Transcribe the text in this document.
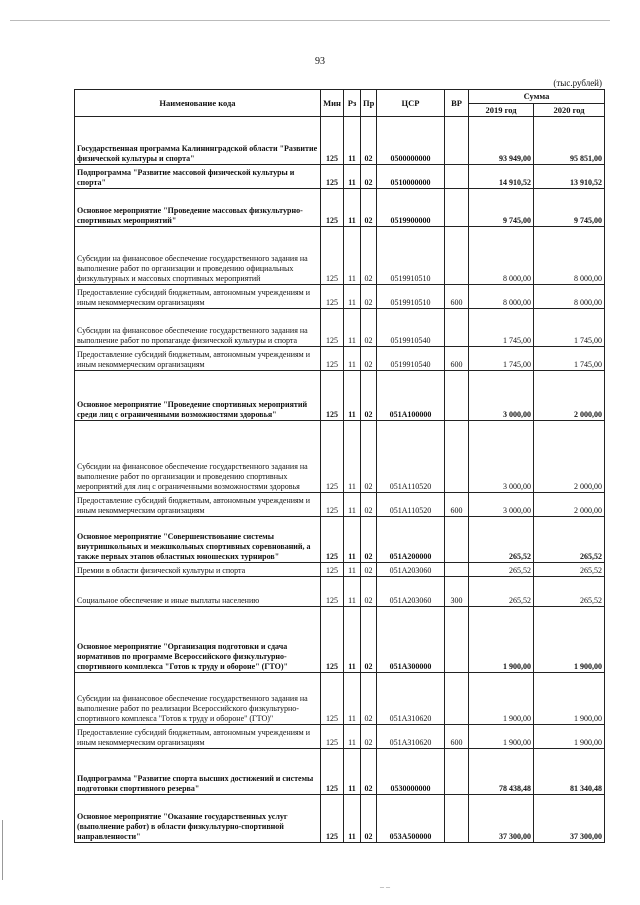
93
(тыс.рублей)
Наименование кода	Мин	Рз	Пр	ЦСР	ВР	Сумма	
						2019 год	2020 год
Государственная программа Калининградской области "Развитие физической культуры и спорта"	125	11	02	0500000000		93 949,00	95 851,00
Подпрограмма "Развитие массовой физической культуры и спорта"	125	11	02	0510000000		14 910,52	13 910,52
Основное мероприятие "Проведение массовых физкультурно-спортивных мероприятий"	125	11	02	0519900000		9 745,00	9 745,00
Субсидии на финансовое обеспечение государственного задания на выполнение работ по организации и проведению официальных физкультурных и массовых спортивных мероприятий	125	11	02	0519910510		8 000,00	8 000,00
Предоставление субсидий бюджетным, автономным учреждениям и иным некоммерческим организациям	125	11	02	0519910510	600	8 000,00	8 000,00
Субсидии на финансовое обеспечение государственного задания на выполнение работ по пропаганде физической культуры и спорта	125	11	02	0519910540		1 745,00	1 745,00
Предоставление субсидий бюджетным, автономным учреждениям и иным некоммерческим организациям	125	11	02	0519910540	600	1 745,00	1 745,00
Основное мероприятие "Проведение спортивных мероприятий среди лиц с ограниченными возможностями здоровья"	125	11	02	051А100000		3 000,00	2 000,00
Субсидии на финансовое обеспечение государственного задания на выполнение работ по организации и проведению спортивных мероприятий для лиц с ограниченными возможностями здоровья	125	11	02	051А110520		3 000,00	2 000,00
Предоставление субсидий бюджетным, автономным учреждениям и иным некоммерческим организациям	125	11	02	051А110520	600	3 000,00	2 000,00
Основное мероприятие "Совершенствование системы внутришкольных и межшкольных спортивных соревнований, а также первых этапов областных юношеских турниров"	125	11	02	051А200000		265,52	265,52
Премии в области физической культуры и спорта	125	11	02	051А203060		265,52	265,52
Социальное обеспечение и иные выплаты населению	125	11	02	051А203060	300	265,52	265,52
Основное мероприятие "Организация подготовки и сдача нормативов по программе Всероссийского физкультурно-спортивного комплекса "Готов к труду и обороне" (ГТО)"	125	11	02	051А300000		1 900,00	1 900,00
Субсидии на финансовое обеспечение государственного задания на выполнение работ по реализации Всероссийского физкультурно-спортивного комплекса "Готов к труду и обороне" (ГТО)"	125	11	02	051А310620		1 900,00	1 900,00
Предоставление субсидий бюджетным, автономным учреждениям и иным некоммерческим организациям	125	11	02	051А310620	600	1 900,00	1 900,00
Подпрограмма "Развитие спорта высших достижений и системы подготовки спортивного резерва"	125	11	02	0530000000		78 438,48	81 340,48
Основное мероприятие "Оказание государственных услуг (выполнение работ) в области физкультурно-спортивной направленности"	125	11	02	053А500000		37 300,00	37 300,00
– –
